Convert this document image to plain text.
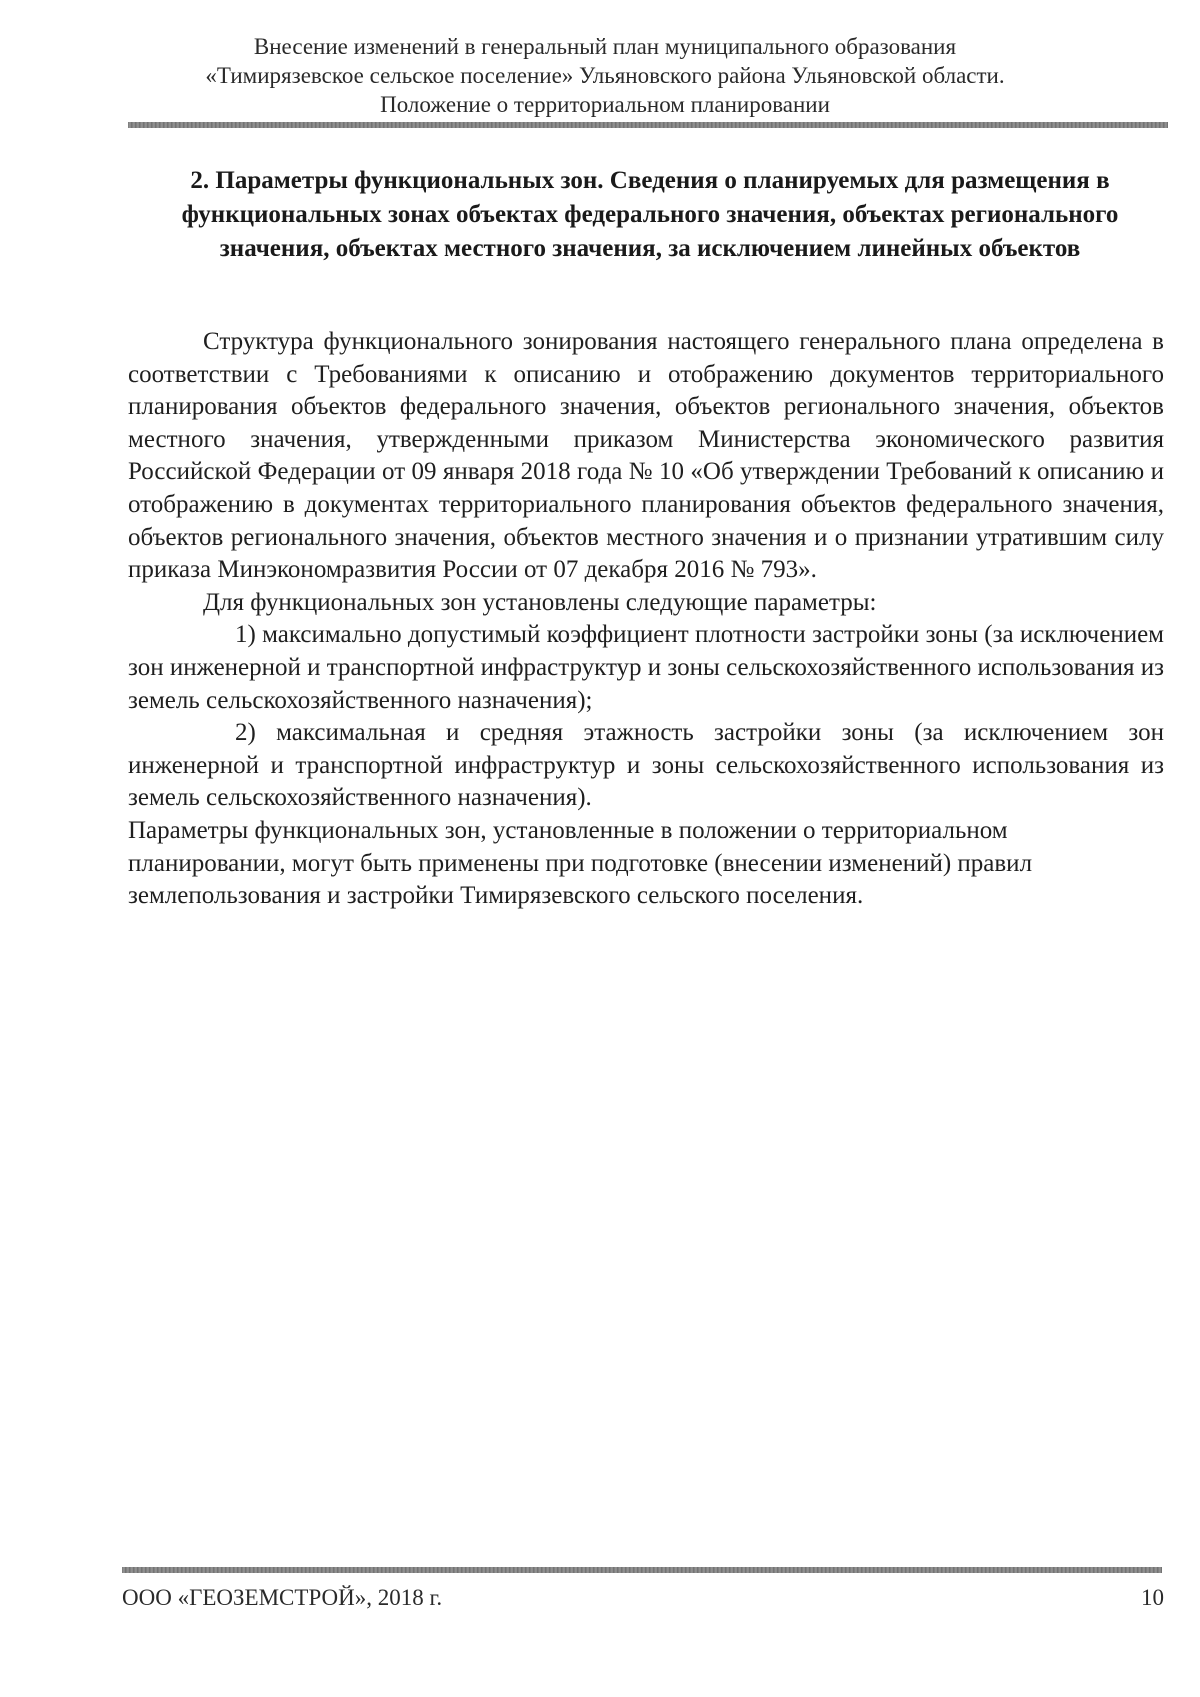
Внесение изменений в генеральный план муниципального образования
«Тимирязевское сельское поселение» Ульяновского района Ульяновской области.
Положение о территориальном планировании
2. Параметры функциональных зон. Сведения о планируемых для размещения в функциональных зонах объектах федерального значения, объектах регионального значения, объектах местного значения, за исключением линейных объектов

Структура функционального зонирования настоящего генерального плана определена в соответствии с Требованиями к описанию и отображению документов территориального планирования объектов федерального значения, объектов регионального значения, объектов местного значения, утвержденными приказом Министерства экономического развития Российской Федерации от 09 января 2018 года № 10 «Об утверждении Требований к описанию и отображению в документах территориального планирования объектов федерального значения, объектов регионального значения, объектов местного значения и о признании утратившим силу приказа Минэкономразвития России от 07 декабря 2016 № 793».

Для функциональных зон установлены следующие параметры:

1) максимально допустимый коэффициент плотности застройки зоны (за исключением зон инженерной и транспортной инфраструктур и зоны сельскохозяйственного использования из земель сельскохозяйственного назначения);

2) максимальная и средняя этажность застройки зоны (за исключением зон инженерной и транспортной инфраструктур и зоны сельскохозяйственного использования из земель сельскохозяйственного назначения).

Параметры функциональных зон, установленные в положении о территориальном планировании, могут быть применены при подготовке (внесении изменений) правил землепользования и застройки Тимирязевского сельского поселения.

ООО «ГЕОЗЕМСТРОЙ», 2018 г.	10
